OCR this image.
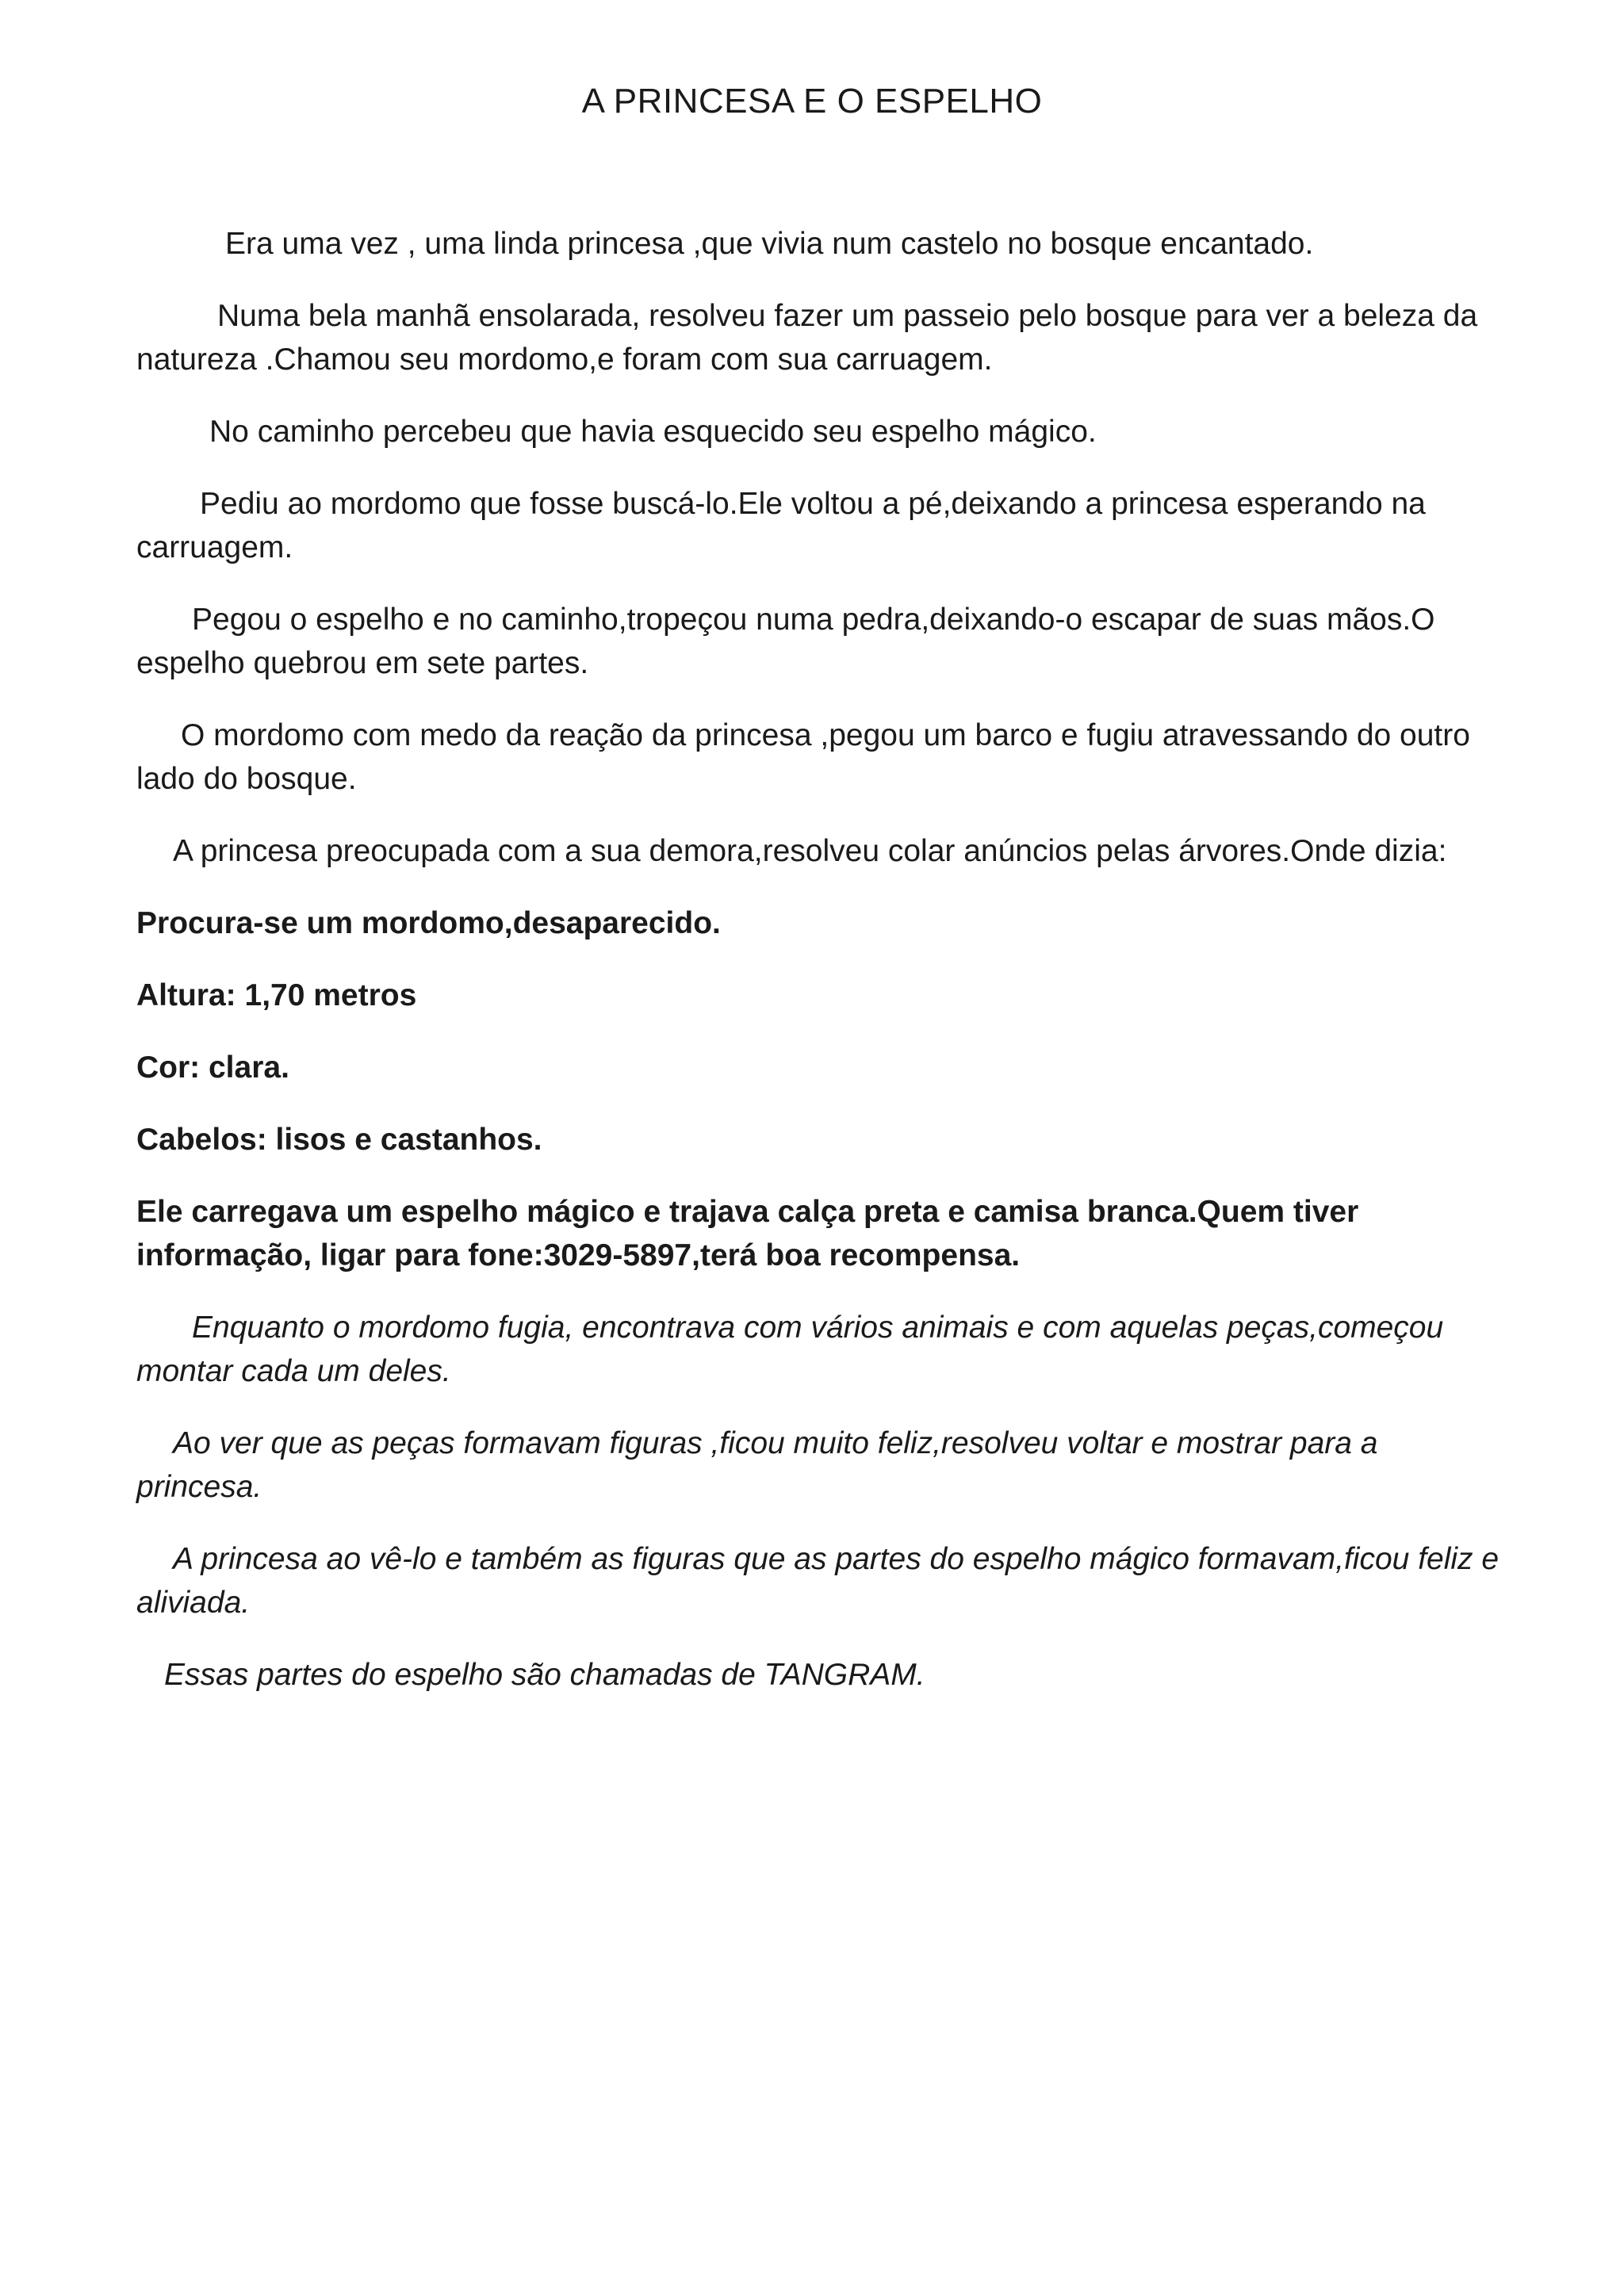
A PRINCESA E O ESPELHO

Era uma vez , uma linda princesa ,que vivia num castelo no bosque encantado.

Numa bela manhã ensolarada, resolveu fazer um passeio pelo bosque para ver a beleza da natureza .Chamou seu mordomo,e foram com sua carruagem.

No caminho percebeu que havia esquecido seu espelho mágico.

Pediu ao mordomo que fosse buscá-lo.Ele voltou a pé,deixando a princesa esperando na carruagem.

Pegou o espelho e no caminho,tropeçou numa pedra,deixando-o escapar de suas mãos.O espelho quebrou em sete partes.

O mordomo com medo da reação da princesa ,pegou um barco e fugiu atravessando do outro lado do bosque.

A princesa preocupada com a sua demora,resolveu colar anúncios pelas árvores.Onde dizia:

Procura-se um mordomo,desaparecido.

Altura: 1,70 metros

Cor: clara.

Cabelos: lisos e castanhos.

Ele carregava um espelho mágico e trajava calça preta e camisa branca.Quem tiver informação, ligar para fone:3029-5897,terá boa recompensa.

Enquanto o mordomo fugia, encontrava com vários animais e com aquelas peças,começou montar cada um deles.

Ao ver que as peças formavam figuras ,ficou muito feliz,resolveu voltar e mostrar para a princesa.

A princesa ao vê-lo e também as figuras que as partes do espelho mágico formavam,ficou feliz e aliviada.

Essas partes do espelho são chamadas de TANGRAM.
